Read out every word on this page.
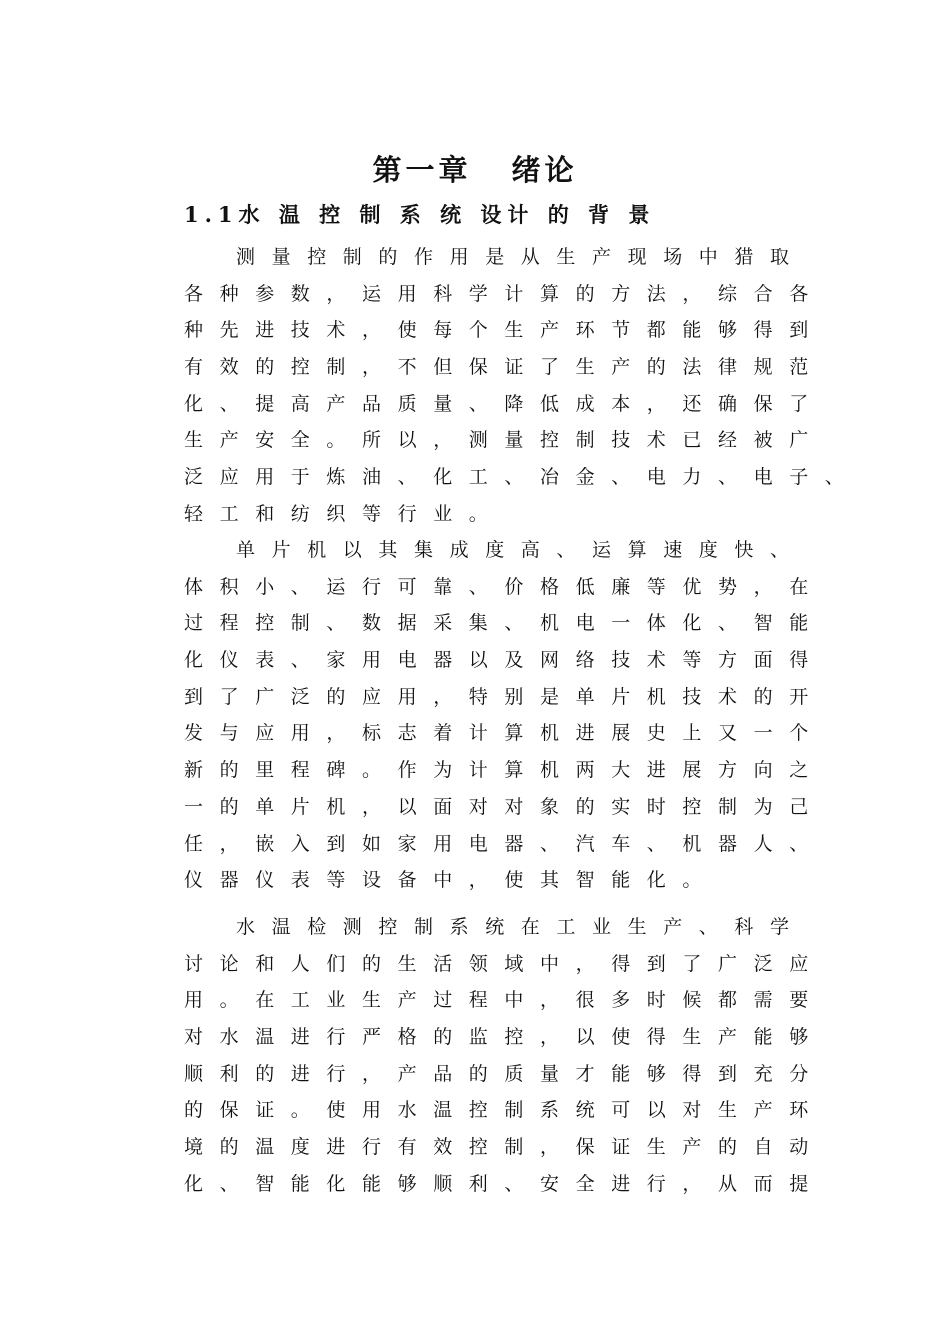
第一章 绪论
1.1水 温 控 制 系 统 设计 的 背 景
测量控制的作用是从生产现场中猎取
各种参数，运用科学计算的方法，综合各
种先进技术，使每个生产环节都能够得到
有效的控制，不但保证了生产的法律规范
化、提高产品质量、降低成本，还确保了
生产安全。所以，测量控制技术已经被广
泛应用于炼油、化工、冶金、电力、电子、
轻工和纺织等行业。
单片机以其集成度高、运算速度快、
体积小、运行可靠、价格低廉等优势，在
过程控制、数据采集、机电一体化、智能
化仪表、家用电器以及网络技术等方面得
到了广泛的应用，特别是单片机技术的开
发与应用，标志着计算机进展史上又一个
新的里程碑。作为计算机两大进展方向之
一的单片机，以面对对象的实时控制为己
任，嵌入到如家用电器、汽车、机器人、
仪器仪表等设备中，使其智能化。
水温检测控制系统在工业生产、科学
讨论和人们的生活领域中，得到了广泛应
用。在工业生产过程中，很多时候都需要
对水温进行严格的监控，以使得生产能够
顺利的进行，产品的质量才能够得到充分
的保证。使用水温控制系统可以对生产环
境的温度进行有效控制，保证生产的自动
化、智能化能够顺利、安全进行，从而提
